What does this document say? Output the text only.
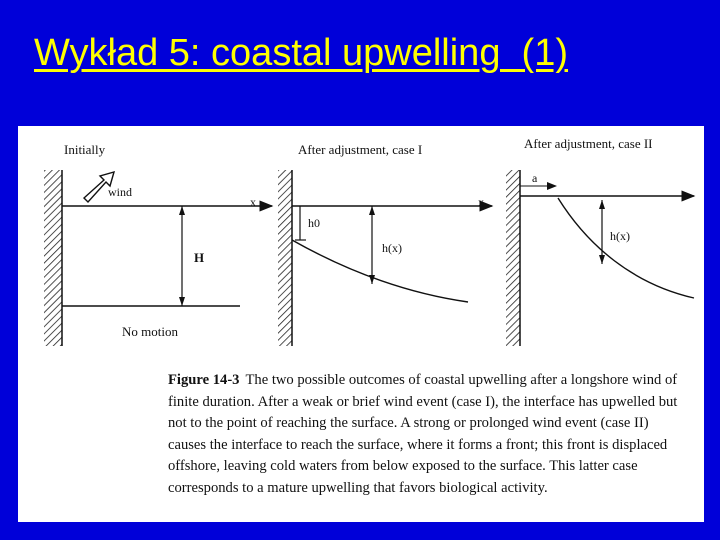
Wykład 5: coastal upwelling  (1)
Initially
x
wind
H
No motion
After adjustment, case I
x
h0
h(x)
After adjustment, case II
a
h(x)

Figure 14-3 The two possible outcomes of coastal upwelling after a longshore wind of finite duration. After a weak or brief wind event (case I), the interface has upwelled but not to the point of reaching the surface. A strong or prolonged wind event (case II) causes the interface to reach the surface, where it forms a front; this front is displaced offshore, leaving cold waters from below exposed to the surface. This latter case corresponds to a mature upwelling that favors biological activity.
